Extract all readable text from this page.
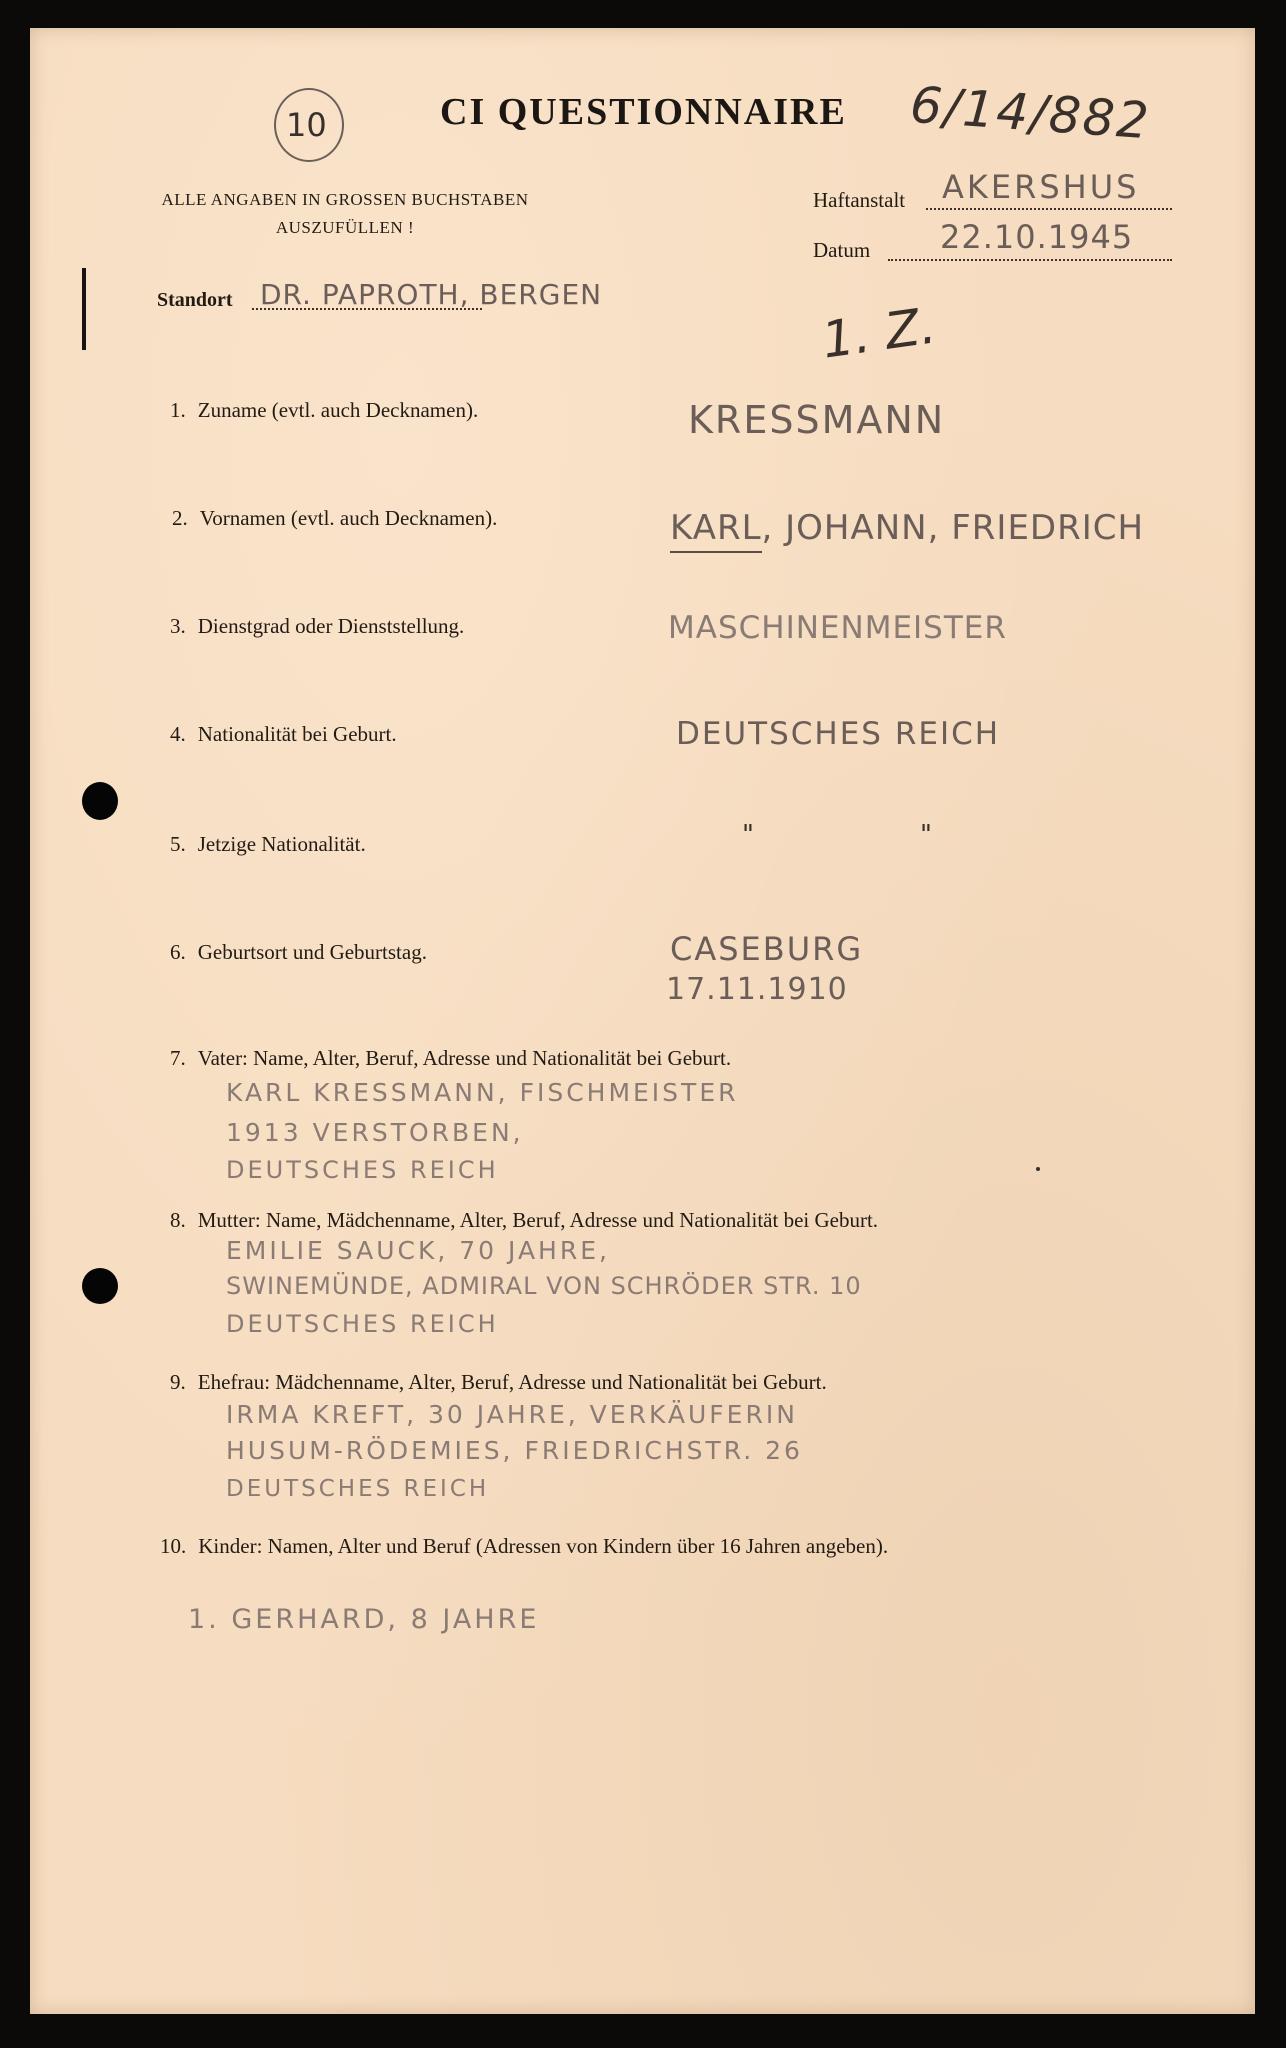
10	CI QUESTIONNAIRE 6/14/882
ALLE ANGABEN IN GROSSEN BUCHSTABEN
AUSZUFÜLLEN !
Haftanstalt AKERSHUS
Datum 22.10.1945
Standort DR. PAPROTH, BERGEN
1. Z.
1. Zuname (evtl. auch Decknamen).	KRESSMANN
2. Vornamen (evtl. auch Decknamen).	KARL, JOHANN, FRIEDRICH
3. Dienstgrad oder Dienststellung.	MASCHINENMEISTER
4. Nationalität bei Geburt.	DEUTSCHES REICH
5. Jetzige Nationalität.	"	"
6. Geburtsort und Geburtstag.	CASEBURG
17.11.1910
7. Vater: Name, Alter, Beruf, Adresse und Nationalität bei Geburt.
KARL KRESSMANN, FISCHMEISTER
1913 VERSTORBEN,
DEUTSCHES REICH
8. Mutter: Name, Mädchenname, Alter, Beruf, Adresse und Nationalität bei Geburt.
EMILIE SAUCK, 70 JAHRE,
SWINEMÜNDE, ADMIRAL VON SCHRÖDER STR. 10
DEUTSCHES REICH
9. Ehefrau: Mädchenname, Alter, Beruf, Adresse und Nationalität bei Geburt.
IRMA KREFT, 30 JAHRE, VERKÄUFERIN
HUSUM-RÖDEMIES, FRIEDRICHSTR. 26
DEUTSCHES REICH
10. Kinder: Namen, Alter und Beruf (Adressen von Kindern über 16 Jahren angeben).
1. GERHARD, 8 JAHRE
